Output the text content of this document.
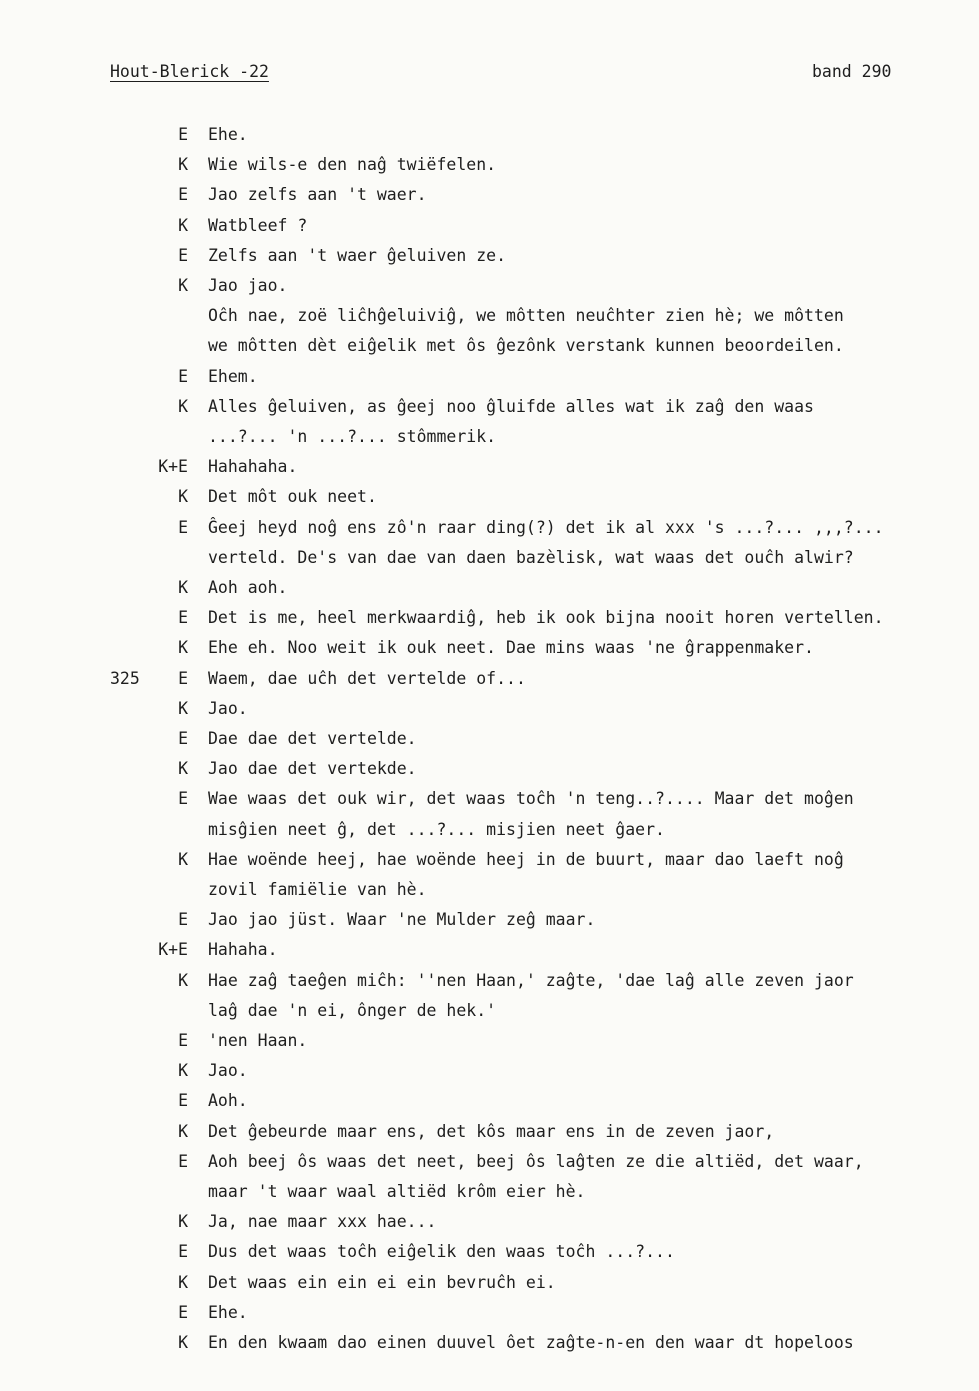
Hout-Blerick -22	band 290
E Ehe.
K Wie wils-e den naĝ twiëfelen.
E Jao zelfs aan 't waer.
K Watbleef ?
E Zelfs aan 't waer ĝeluiven ze.
K Jao jao.
Oĉh nae, zoë liĉhĝeluiviĝ, we môtten neuĉhter zien hè; we môtten
we môtten dèt eiĝelik met ôs ĝezônk verstank kunnen beoordeilen.
E Ehem.
K Alles ĝeluiven, as ĝeej noo ĝluifde alles wat ik zaĝ den waas
...?... 'n ...?... stômmerik.
K+E Hahahaha.
K Det môt ouk neet.
E Ĝeej heyd noĝ ens zô'n raar ding(?) det ik al xxx 's ...?... ,,,?...
verteld. De's van dae van daen bazèlisk, wat waas det ouĉh alwir?
K Aoh aoh.
E Det is me, heel merkwaardiĝ, heb ik ook bijna nooit horen vertellen.
K Ehe eh. Noo weit ik ouk neet. Dae mins waas 'ne ĝrappenmaker.
325	E Waem, dae uĉh det vertelde of...
K Jao.
E Dae dae det vertelde.
K Jao dae det vertekde.
E Wae waas det ouk wir, det waas toĉh 'n teng..?.... Maar det moĝen
misĝien neet ĝ, det ...?... misjien neet ĝaer.
K Hae woënde heej, hae woënde heej in de buurt, maar dao laeft noĝ
zovil famiëlie van hè.
E Jao jao jüst. Waar 'ne Mulder zeĝ maar.
K+E Hahaha.
K Hae zaĝ taeĝen miĉh: ''nen Haan,' zaĝte, 'dae laĝ alle zeven jaor
laĝ dae 'n ei, ônger de hek.'
E 'nen Haan.
K Jao.
E Aoh.
K Det ĝebeurde maar ens, det kôs maar ens in de zeven jaor,
E Aoh beej ôs waas det neet, beej ôs laĝten ze die altiëd, det waar,
maar 't waar waal altiëd krôm eier hè.
K Ja, nae maar xxx hae...
E Dus det waas toĉh eiĝelik den waas toĉh ...?...
K Det waas ein ein ei ein bevruĉh ei.
E Ehe.
K En den kwaam dao einen duuvel ôet zaĝte-n-en den waar dt hopeloos
